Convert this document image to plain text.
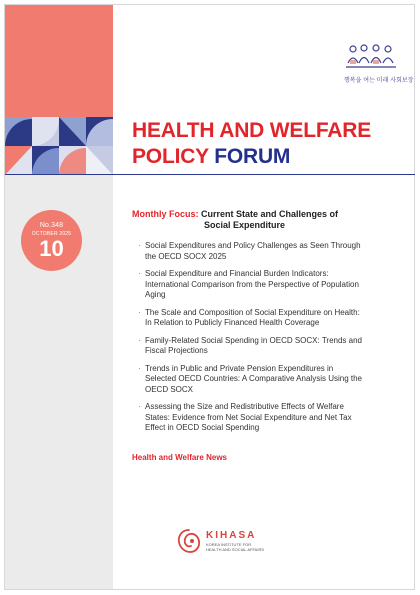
행복을 여는 미래 사회보장
HEALTH AND WELFARE
POLICY FORUM
No.348
OCTOBER 2025
10
Monthly Focus: Current State and Challenges of
Social Expenditure
· Social Expenditures and Policy Challenges as Seen Through
the OECD SOCX 2025
· Social Expenditure and Financial Burden Indicators:
International Comparison from the Perspective of Population
Aging
· The Scale and Composition of Social Expenditure on Health:
In Relation to Publicly Financed Health Coverage
· Family-Related Social Spending in OECD SOCX: Trends and
Fiscal Projections
· Trends in Public and Private Pension Expenditures in
Selected OECD Countries: A Comparative Analysis Using the
OECD SOCX
· Assessing the Size and Redistributive Effects of Welfare
States: Evidence from Net Social Expenditure and Net Tax
Effect in OECD Social Spending
Health and Welfare News
KIHASA
KOREA INSTITUTE FOR
HEALTH AND SOCIAL AFFAIRS
